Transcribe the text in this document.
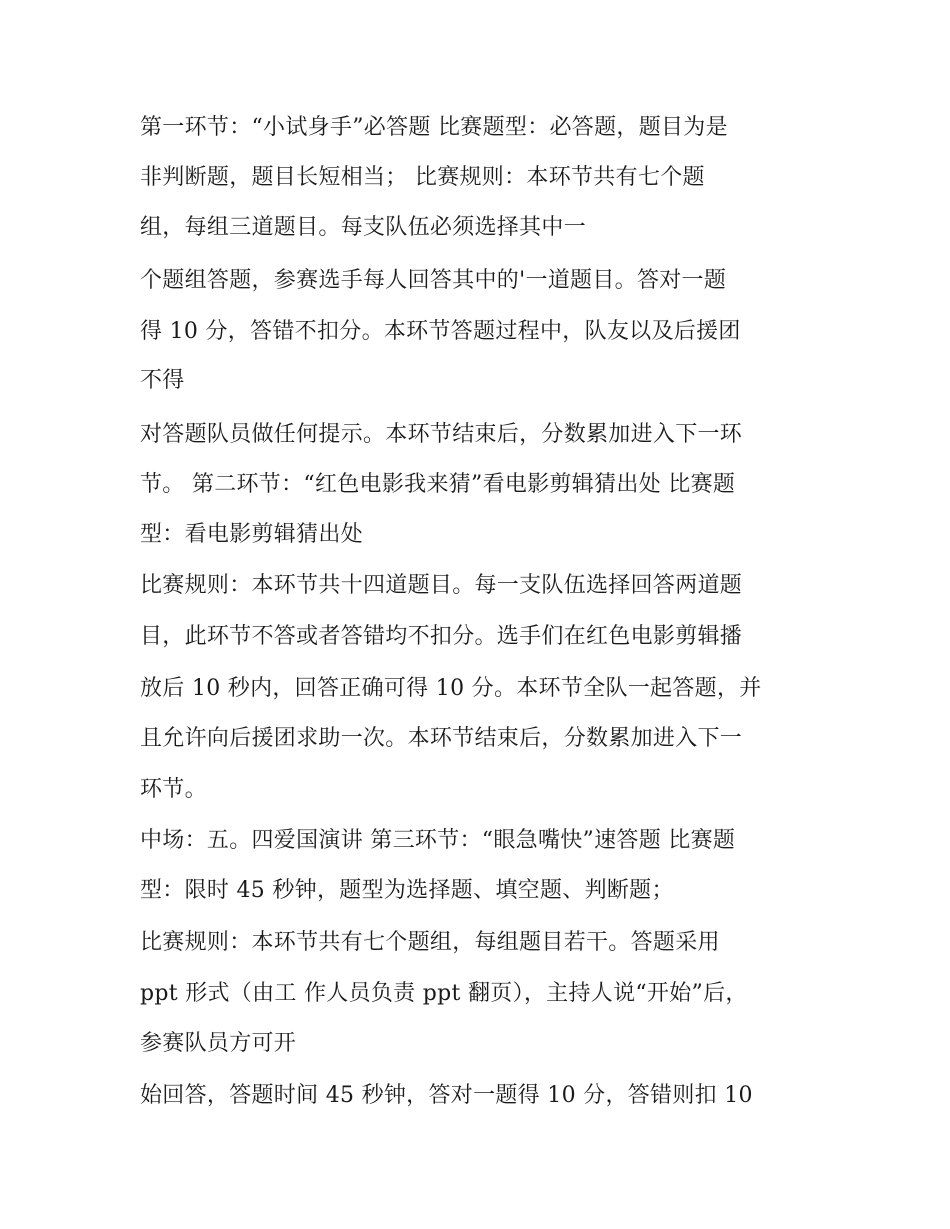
第一环节：“小试身手”必答题 比赛题型：必答题，题目为是
非判断题，题目长短相当； 比赛规则：本环节共有七个题
组，每组三道题目。每支队伍必须选择其中一
个题组答题，参赛选手每人回答其中的'一道题目。答对一题
得 10 分，答错不扣分。本环节答题过程中，队友以及后援团
不得
对答题队员做任何提示。本环节结束后，分数累加进入下一环
节。 第二环节：“红色电影我来猜”看电影剪辑猜出处 比赛题
型：看电影剪辑猜出处
比赛规则：本环节共十四道题目。每一支队伍选择回答两道题
目，此环节不答或者答错均不扣分。选手们在红色电影剪辑播
放后 10 秒内，回答正确可得 10 分。本环节全队一起答题，并
且允许向后援团求助一次。本环节结束后，分数累加进入下一
环节。
中场：五。四爱国演讲 第三环节：“眼急嘴快”速答题 比赛题
型：限时 45 秒钟，题型为选择题、填空题、判断题；
比赛规则：本环节共有七个题组，每组题目若干。答题采用
ppt 形式（由工 作人员负责 ppt 翻页），主持人说“开始”后，
参赛队员方可开
始回答，答题时间 45 秒钟，答对一题得 10 分，答错则扣 10
